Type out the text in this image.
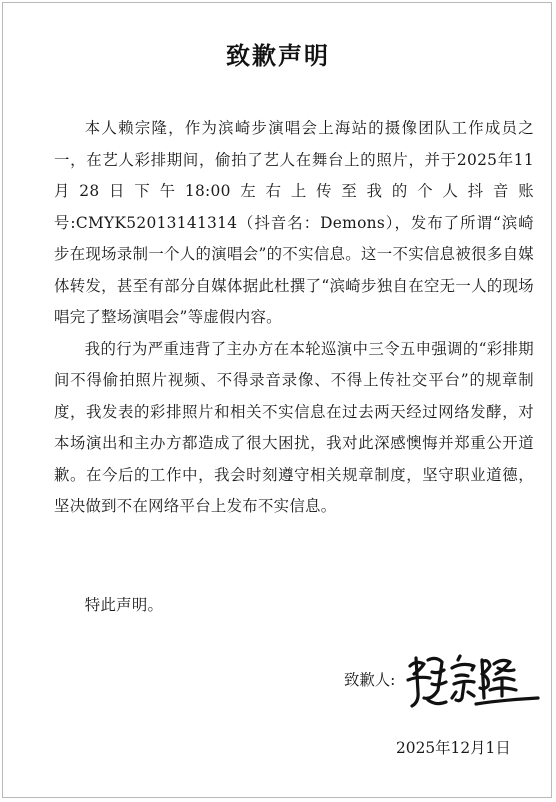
致歉声明

本人赖宗隆，作为滨崎步演唱会上海站的摄像团队工作成员之一，在艺人彩排期间，偷拍了艺人在舞台上的照片，并于2025年11月28日下午18:00左右上传至我的个人抖音账号:CMYK52013141314（抖音名：Demons），发布了所谓“滨崎步在现场录制一个人的演唱会”的不实信息。这一不实信息被很多自媒体转发，甚至有部分自媒体据此杜撰了“滨崎步独自在空无一人的现场唱完了整场演唱会”等虚假内容。

我的行为严重违背了主办方在本轮巡演中三令五申强调的“彩排期间不得偷拍照片视频、不得录音录像、不得上传社交平台”的规章制度，我发表的彩排照片和相关不实信息在过去两天经过网络发酵，对本场演出和主办方都造成了很大困扰，我对此深感懊悔并郑重公开道歉。在今后的工作中，我会时刻遵守相关规章制度，坚守职业道德，坚决做到不在网络平台上发布不实信息。

特此声明。

致歉人:
2025年12月1日
